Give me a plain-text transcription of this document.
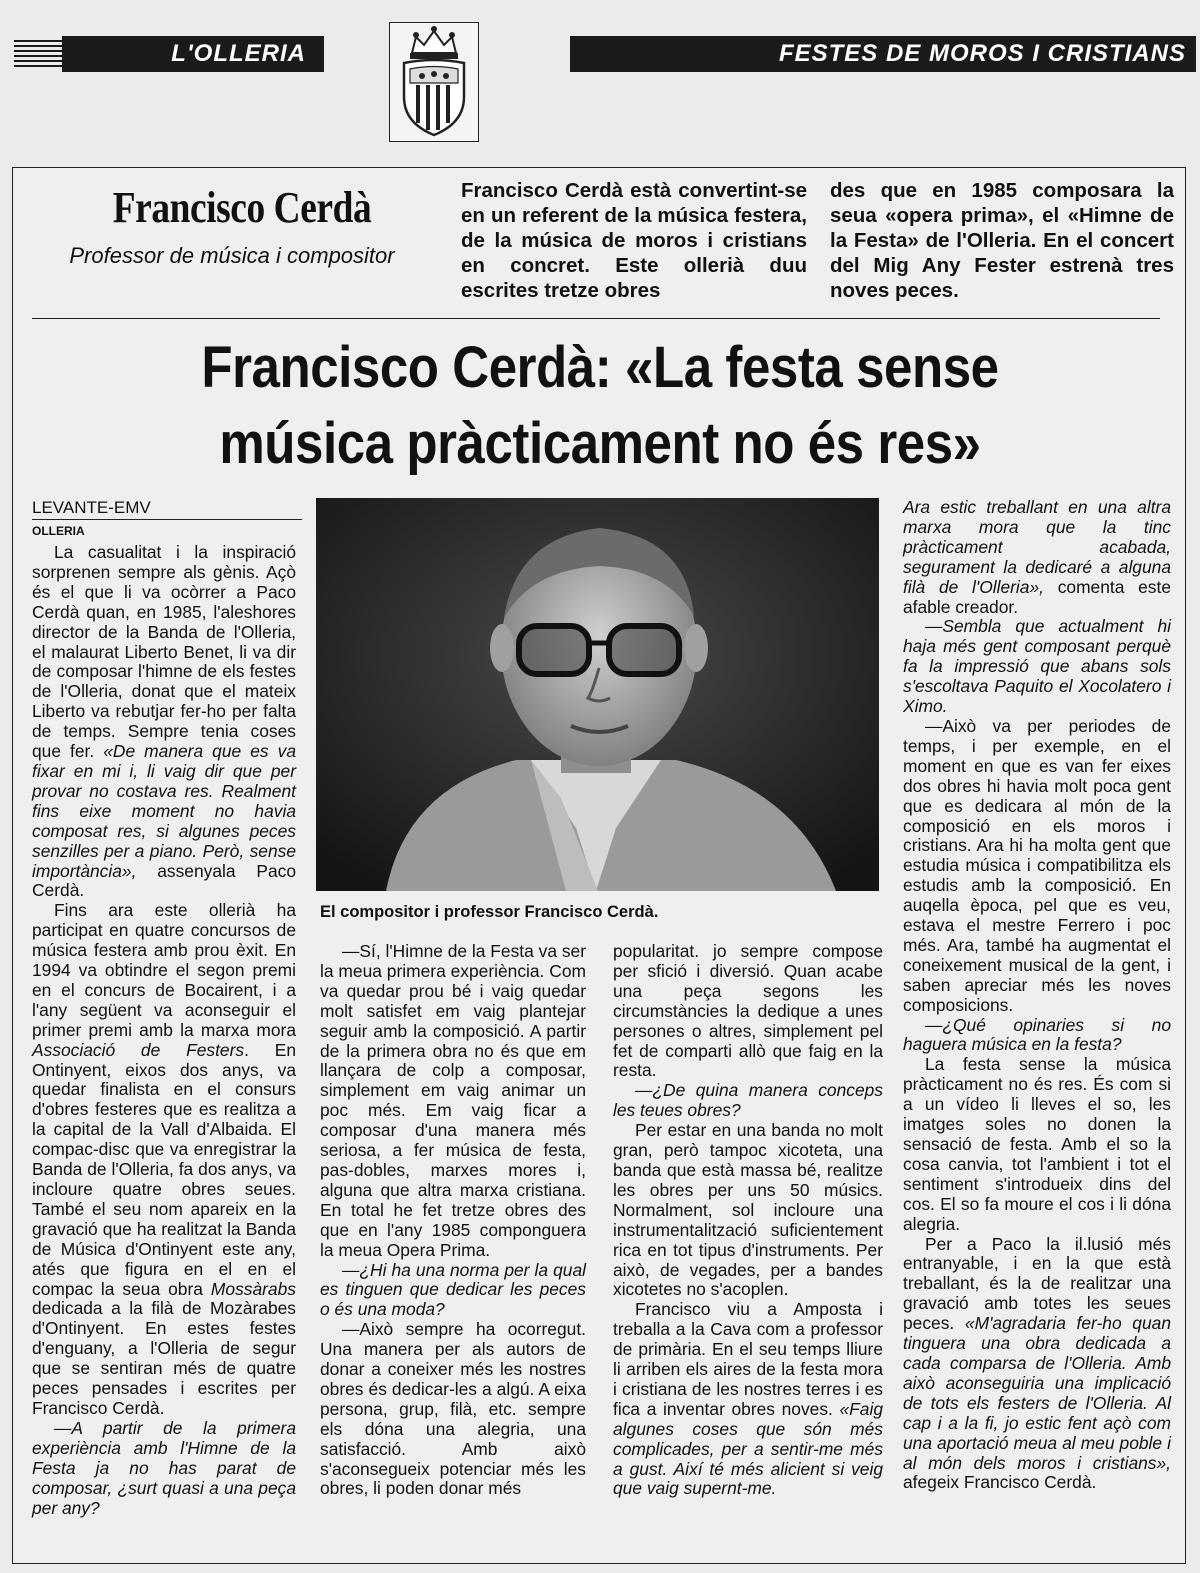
L'OLLERIA	FESTES DE MOROS I CRISTIANS
Francisco Cerdà
Professor de música i compositor
Francisco Cerdà està convertint-se en un referent de la música festera, de la música de moros i cristians en concret. Este ollerià duu escrites tretze obres
des que en 1985 composara la seua «opera prima», el «Himne de la Festa» de l'Olleria. En el concert del Mig Any Fester estrenà tres noves peces.
Francisco Cerdà: «La festa sense
música pràcticament no és res»
LEVANTE-EMV
OLLERIA
El compositor i professor Francisco Cerdà.

La casualitat i la inspiració sorprenen sempre als gènis. Açò és el que li va ocòrrer a Paco Cerdà quan, en 1985, l'aleshores director de la Banda de l'Olleria, el malaurat Liberto Benet, li va dir de composar l'himne de els festes de l'Olleria, donat que el mateix Liberto va rebutjar fer-ho per falta de temps. Sempre tenia coses que fer. «De manera que es va fixar en mi i, li vaig dir que per provar no costava res. Realment fins eixe moment no havia composat res, si algunes peces senzilles per a piano. Però, sense importància», assenyala Paco Cerdà.

Fins ara este ollerià ha participat en quatre concursos de música festera amb prou èxit. En 1994 va obtindre el segon premi en el concurs de Bocairent, i a l'any següent va aconseguir el primer premi amb la marxa mora Associació de Festers. En Ontinyent, eixos dos anys, va quedar finalista en el consurs d'obres festeres que es realitza a la capital de la Vall d'Albaida. El compac-disc que va enregistrar la Banda de l'Olleria, fa dos anys, va incloure quatre obres seues. També el seu nom apareix en la gravació que ha realitzat la Banda de Música d'Ontinyent este any, atés que figura en el en el compac la seua obra Mossàrabs dedicada a la filà de Mozàrabes d'Ontinyent. En estes festes d'enguany, a l'Olleria de segur que se sentiran més de quatre peces pensades i escrites per Francisco Cerdà.

—A partir de la primera experiència amb l'Himne de la Festa ja no has parat de composar, ¿surt quasi a una peça per any?

—Sí, l'Himne de la Festa va ser la meua primera experiència. Com va quedar prou bé i vaig quedar molt satisfet em vaig plantejar seguir amb la composició. A partir de la primera obra no és que em llançara de colp a composar, simplement em vaig animar un poc més. Em vaig ficar a composar d'una manera més seriosa, a fer música de festa, pas-dobles, marxes mores i, alguna que altra marxa cristiana. En total he fet tretze obres des que en l'any 1985 componguera la meua Opera Prima.

—¿Hi ha una norma per la qual es tinguen que dedicar les peces o és una moda?

—Això sempre ha ocorregut. Una manera per als autors de donar a coneixer més les nostres obres és dedicar-les a algú. A eixa persona, grup, filà, etc. sempre els dóna una alegria, una satisfacció. Amb això s'aconsegueix potenciar més les obres, li poden donar més

popularitat. jo sempre compose per sfició i diversió. Quan acabe una peça segons les circumstàncies la dedique a unes persones o altres, simplement pel fet de comparti allò que faig en la resta.

—¿De quina manera conceps les teues obres?

Per estar en una banda no molt gran, però tampoc xicoteta, una banda que està massa bé, realitze les obres per uns 50 músics. Normalment, sol incloure una instrumentalització suficientement rica en tot tipus d'instruments. Per això, de vegades, per a bandes xicotetes no s'acoplen.

Francisco viu a Amposta i treballa a la Cava com a professor de primària. En el seu temps lliure li arriben els aires de la festa mora i cristiana de les nostres terres i es fica a inventar obres noves. «Faig algunes coses que són més complicades, per a sentir-me més a gust. Així té més alicient si veig que vaig supernt-me.

Ara estic treballant en una altra marxa mora que la tinc pràcticament acabada, segurament la dedicaré a alguna filà de l'Olleria», comenta este afable creador.

—Sembla que actualment hi haja més gent composant perquè fa la impressió que abans sols s'escoltava Paquito el Xocolatero i Ximo.

—Això va per periodes de temps, i per exemple, en el moment en que es van fer eixes dos obres hi havia molt poca gent que es dedicara al món de la composició en els moros i cristians. Ara hi ha molta gent que estudia música i compatibilitza els estudis amb la composició. En auqella època, pel que es veu, estava el mestre Ferrero i poc més. Ara, també ha augmentat el coneixement musical de la gent, i saben apreciar més les noves composicions.

—¿Qué opinaries si no haguera música en la festa?

La festa sense la música pràcticament no és res. És com si a un vídeo li lleves el so, les imatges soles no donen la sensació de festa. Amb el so la cosa canvia, tot l'ambient i tot el sentiment s'introdueix dins del cos. El so fa moure el cos i li dóna alegria.

Per a Paco la il.lusió més entranyable, i en la que està treballant, és la de realitzar una gravació amb totes les seues peces. «M'agradaria fer-ho quan tinguera una obra dedicada a cada comparsa de l'Olleria. Amb això aconseguiria una implicació de tots els festers de l'Olleria. Al cap i a la fi, jo estic fent açò com una aportació meua al meu poble i al món dels moros i cristians», afegeix Francisco Cerdà.
